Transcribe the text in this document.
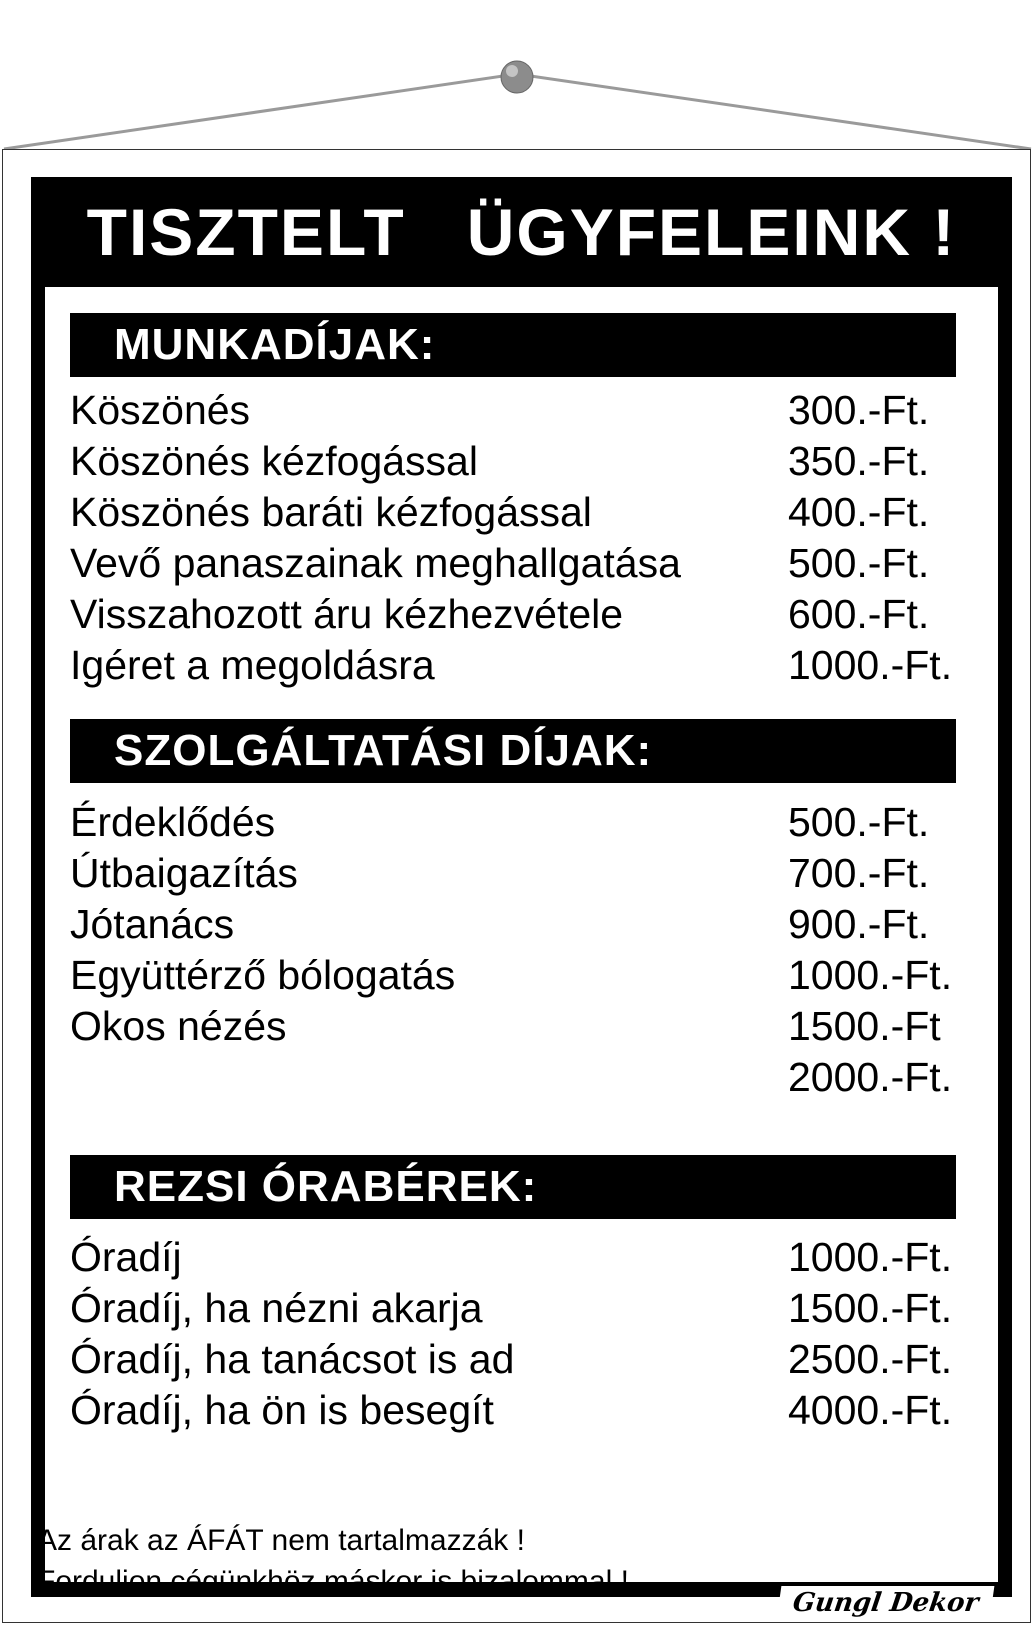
TISZTELT   ÜGYFELEINK !
MUNKADÍJAK:
Köszönés	300.-Ft.
Köszönés kézfogással	350.-Ft.
Köszönés baráti kézfogással	400.-Ft.
Vevő panaszainak meghallgatása	500.-Ft.
Visszahozott áru kézhezvétele	600.-Ft.
Igéret a megoldásra	1000.-Ft.
SZOLGÁLTATÁSI DÍJAK:
Érdeklődés	500.-Ft.
Útbaigazítás	700.-Ft.
Jótanács	900.-Ft.
Együttérző bólogatás	1000.-Ft.
Okos nézés	1500.-Ft
2000.-Ft.
REZSI ÓRABÉREK:
Óradíj	1000.-Ft.
Óradíj, ha nézni akarja	1500.-Ft.
Óradíj, ha tanácsot is ad	2500.-Ft.
Óradíj, ha ön is besegít	4000.-Ft.
Az árak az ÁFÁT nem tartalmazzák !
Forduljon cégünkhöz máskor is bizalommal !
Gungl Dekor
